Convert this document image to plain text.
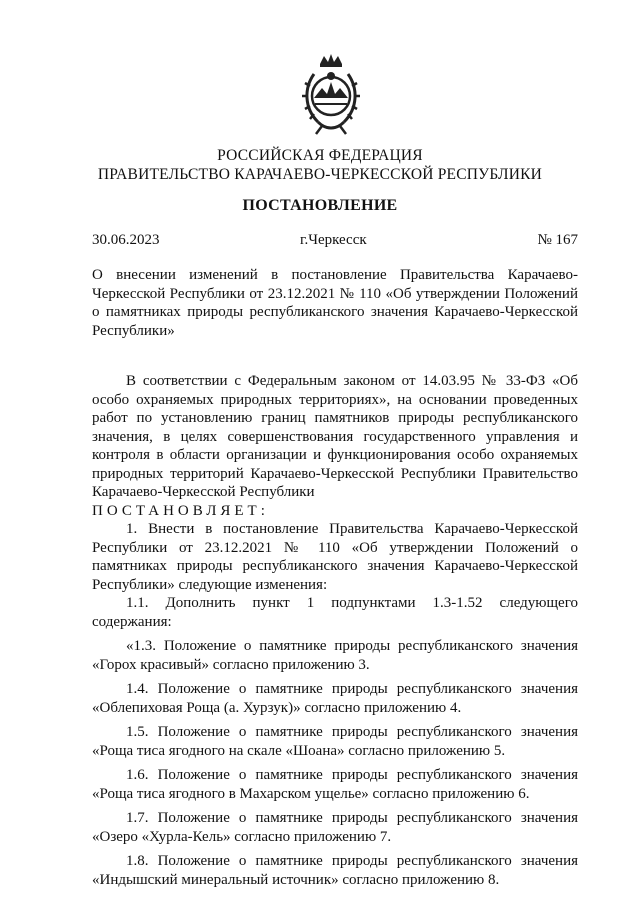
РОССИЙСКАЯ ФЕДЕРАЦИЯ
ПРАВИТЕЛЬСТВО КАРАЧАЕВО-ЧЕРКЕССКОЙ РЕСПУБЛИКИ
ПОСТАНОВЛЕНИЕ
30.06.2023	г.Черкесск	№ 167
О внесении изменений в постановление Правительства Карачаево-Черкесской Республики от 23.12.2021 № 110 «Об утверждении Положений о памятниках природы республиканского значения Карачаево-Черкесской Республики»

В соответствии с Федеральным законом от 14.03.95 № 33-ФЗ «Об особо охраняемых природных территориях», на основании проведенных работ по установлению границ памятников природы республиканского значения, в целях совершенствования государственного управления и контроля в области организации и функционирования особо охраняемых природных территорий Карачаево-Черкесской Республики Правительство Карачаево-Черкесской Республики

ПОСТАНОВЛЯЕТ:

1. Внести в постановление Правительства Карачаево-Черкесской Республики от 23.12.2021 № 110 «Об утверждении Положений о памятниках природы республиканского значения Карачаево-Черкесской Республики» следующие изменения:

1.1. Дополнить пункт 1 подпунктами 1.3-1.52 следующего содержания:

«1.3. Положение о памятнике природы республиканского значения «Горох красивый» согласно приложению 3.

1.4. Положение о памятнике природы республиканского значения «Облепиховая Роща (а. Хурзук)» согласно приложению 4.

1.5. Положение о памятнике природы республиканского значения «Роща тиса ягодного на скале «Шоана» согласно приложению 5.

1.6. Положение о памятнике природы республиканского значения «Роща тиса ягодного в Махарском ущелье» согласно приложению 6.

1.7. Положение о памятнике природы республиканского значения «Озеро «Хурла-Кель» согласно приложению 7.

1.8. Положение о памятнике природы республиканского значения «Индышский минеральный источник» согласно приложению 8.
